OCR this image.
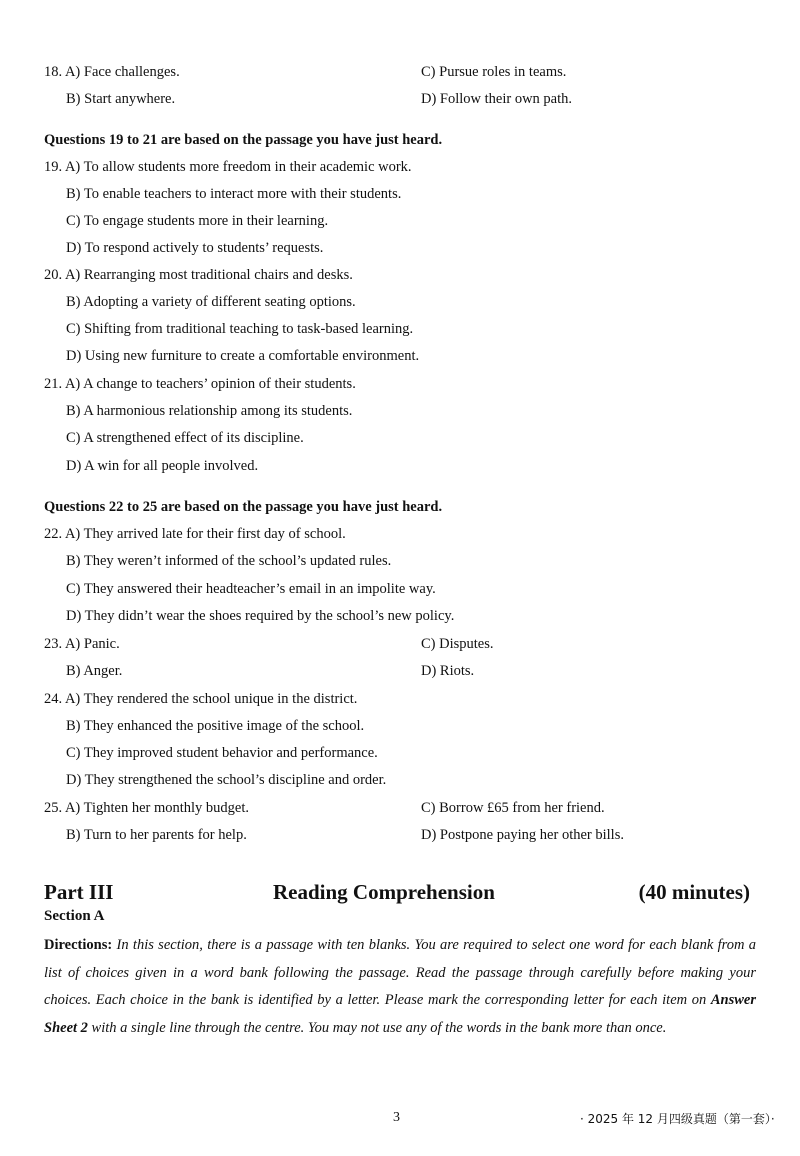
18. A) Face challenges.	C) Pursue roles in teams.
B) Start anywhere.	D) Follow their own path.
Questions 19 to 21 are based on the passage you have just heard.
19. A) To allow students more freedom in their academic work.
B) To enable teachers to interact more with their students.
C) To engage students more in their learning.
D) To respond actively to students’ requests.
20. A) Rearranging most traditional chairs and desks.
B) Adopting a variety of different seating options.
C) Shifting from traditional teaching to task-based learning.
D) Using new furniture to create a comfortable environment.
21. A) A change to teachers’ opinion of their students.
B) A harmonious relationship among its students.
C) A strengthened effect of its discipline.
D) A win for all people involved.
Questions 22 to 25 are based on the passage you have just heard.
22. A) They arrived late for their first day of school.
B) They weren’t informed of the school’s updated rules.
C) They answered their headteacher’s email in an impolite way.
D) They didn’t wear the shoes required by the school’s new policy.
23. A) Panic.	C) Disputes.
B) Anger.	D) Riots.
24. A) They rendered the school unique in the district.
B) They enhanced the positive image of the school.
C) They improved student behavior and performance.
D) They strengthened the school’s discipline and order.
25. A) Tighten her monthly budget.	C) Borrow £65 from her friend.
B) Turn to her parents for help.	D) Postpone paying her other bills.
Part III	Reading Comprehension	(40 minutes)
Section A
Directions: In this section, there is a passage with ten blanks. You are required to select one word for each blank from a list of choices given in a word bank following the passage. Read the passage through carefully before making your choices. Each choice in the bank is identified by a letter. Please mark the corresponding letter for each item on Answer Sheet 2 with a single line through the centre. You may not use any of the words in the bank more than once.
3	· 2025 年 12 月四级真题（第一套）·
